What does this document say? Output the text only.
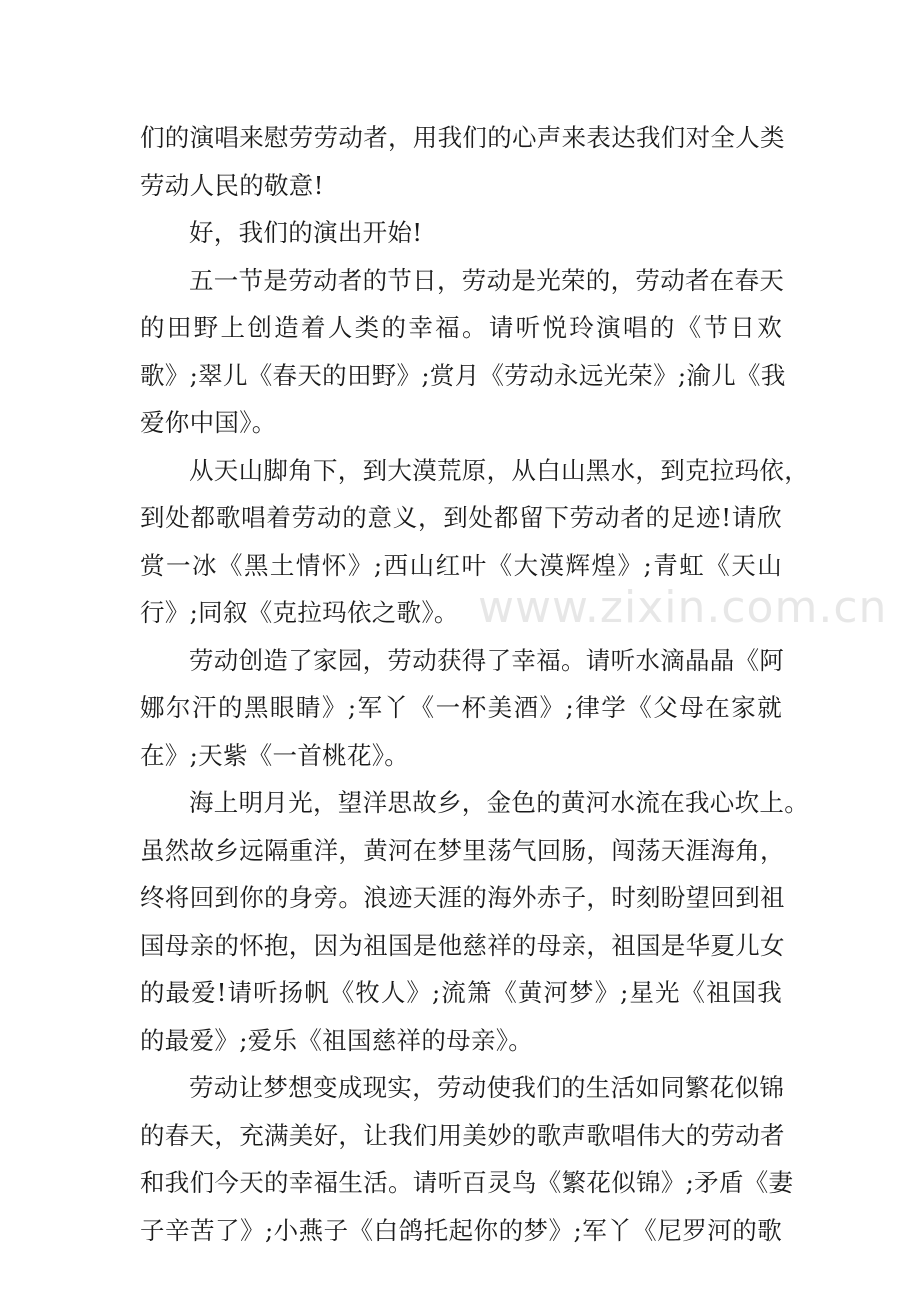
们的演唱来慰劳劳动者，用我们的心声来表达我们对全人类
劳动人民的敬意!
好，我们的演出开始!
五一节是劳动者的节日，劳动是光荣的，劳动者在春天
的田野上创造着人类的幸福。请听悦玲演唱的《节日欢
歌》;翠儿《春天的田野》;赏月《劳动永远光荣》;渝儿《我
爱你中国》。
从天山脚角下，到大漠荒原，从白山黑水，到克拉玛依，
到处都歌唱着劳动的意义，到处都留下劳动者的足迹!请欣
赏一冰《黑土情怀》;西山红叶《大漠辉煌》;青虹《天山
行》;同叙《克拉玛依之歌》。
劳动创造了家园，劳动获得了幸福。请听水滴晶晶《阿
娜尔汗的黑眼睛》;军丫《一杯美酒》;律学《父母在家就
在》;天紫《一首桃花》。
海上明月光，望洋思故乡，金色的黄河水流在我心坎上。
虽然故乡远隔重洋，黄河在梦里荡气回肠，闯荡天涯海角，
终将回到你的身旁。浪迹天涯的海外赤子，时刻盼望回到祖
国母亲的怀抱，因为祖国是他慈祥的母亲，祖国是华夏儿女
的最爱!请听扬帆《牧人》;流箫《黄河梦》;星光《祖国我
的最爱》;爱乐《祖国慈祥的母亲》。
劳动让梦想变成现实，劳动使我们的生活如同繁花似锦
的春天，充满美好，让我们用美妙的歌声歌唱伟大的劳动者
和我们今天的幸福生活。请听百灵鸟《繁花似锦》;矛盾《妻
子辛苦了》;小燕子《白鸽托起你的梦》;军丫《尼罗河的歌
www.zixin.com.cn
